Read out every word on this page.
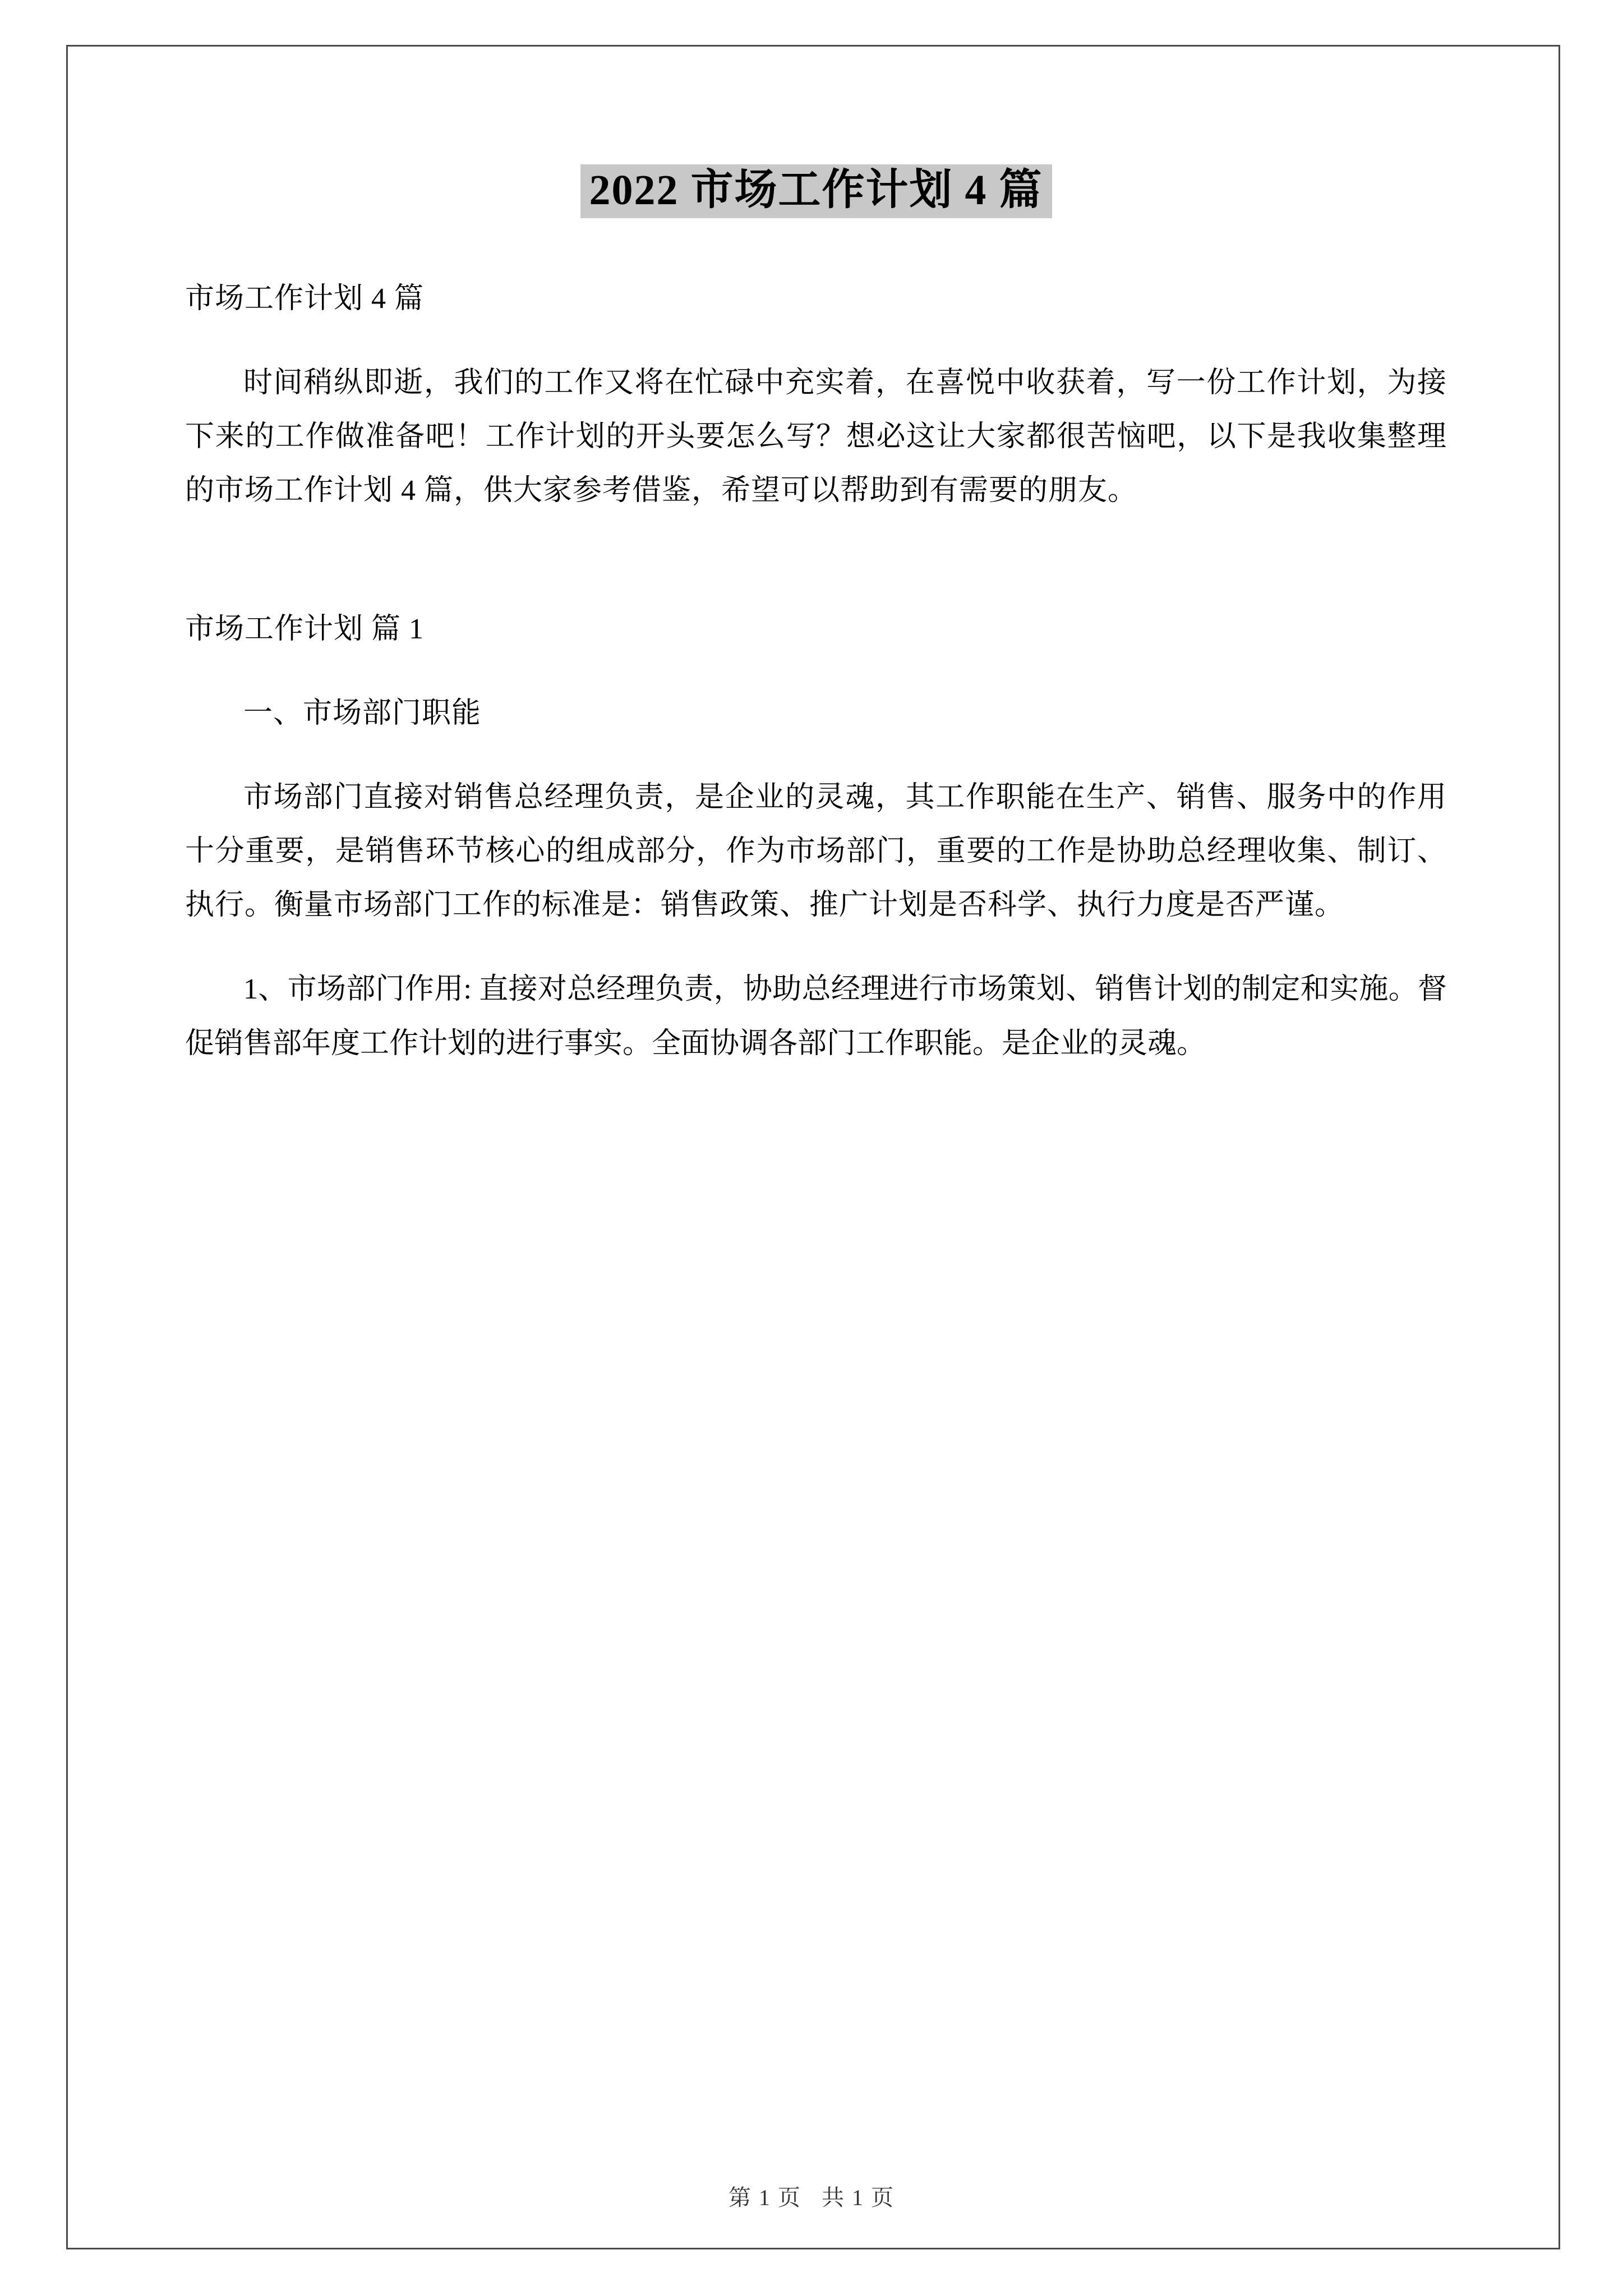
2022 市场工作计划 4 篇

市场工作计划 4 篇

时间稍纵即逝，我们的工作又将在忙碌中充实着，在喜悦中收获着，写一份工作计划，为接下来的工作做准备吧！工作计划的开头要怎么写？想必这让大家都很苦恼吧，以下是我收集整理的市场工作计划 4 篇，供大家参考借鉴，希望可以帮助到有需要的朋友。

市场工作计划 篇 1

一、市场部门职能

市场部门直接对销售总经理负责，是企业的灵魂，其工作职能在生产、销售、服务中的作用十分重要，是销售环节核心的组成部分，作为市场部门，重要的工作是协助总经理收集、制订、执行。衡量市场部门工作的标准是：销售政策、推广计划是否科学、执行力度是否严谨。

1、市场部门作用: 直接对总经理负责，协助总经理进行市场策划、销售计划的制定和实施。督促销售部年度工作计划的进行事实。全面协调各部门工作职能。是企业的灵魂。

第 1 页 共 1 页
